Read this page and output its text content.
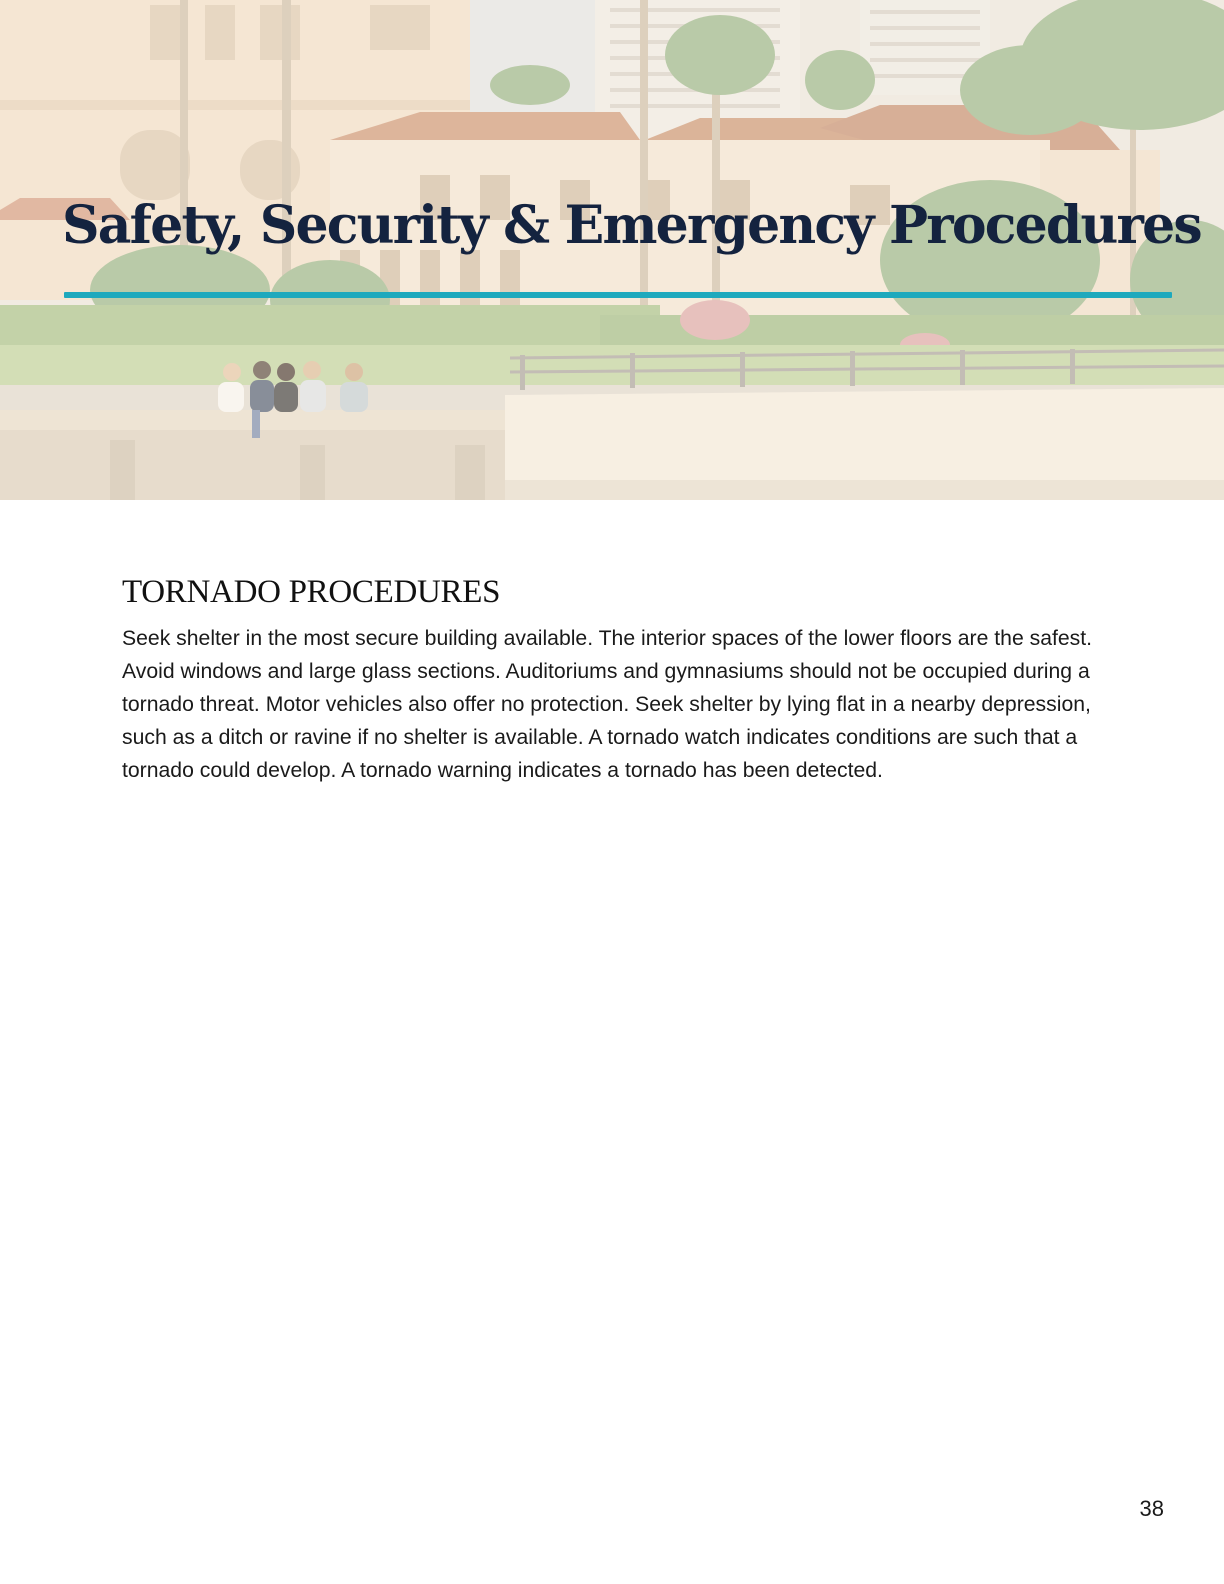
Safety, Security & Emergency Procedures
TORNADO PROCEDURES

Seek shelter in the most secure building available. The interior spaces of the lower floors are the safest. Avoid windows and large glass sections. Auditoriums and gymnasiums should not be occupied during a tornado threat. Motor vehicles also offer no protection. Seek shelter by lying flat in a nearby depression, such as a ditch or ravine if no shelter is available. A tornado watch indicates conditions are such that a tornado could develop. A tornado warning indicates a tornado has been detected.

38
